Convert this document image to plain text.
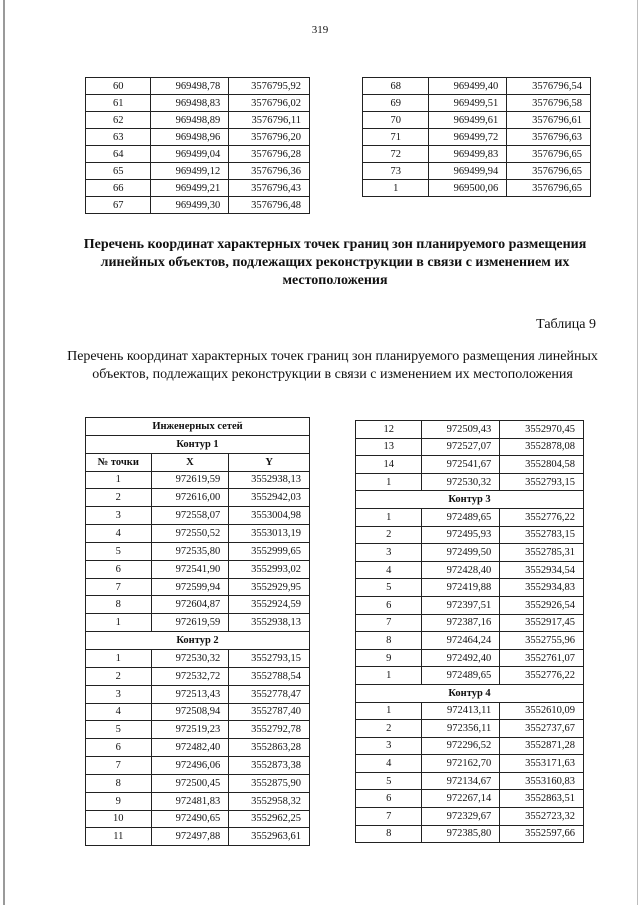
319
60	969498,78	3576795,92
61	969498,83	3576796,02
62	969498,89	3576796,11
63	969498,96	3576796,20
64	969499,04	3576796,28
65	969499,12	3576796,36
66	969499,21	3576796,43
67	969499,30	3576796,48
68	969499,40	3576796,54
69	969499,51	3576796,58
70	969499,61	3576796,61
71	969499,72	3576796,63
72	969499,83	3576796,65
73	969499,94	3576796,65
1	969500,06	3576796,65
Перечень координат характерных точек границ зон планируемого размещения линейных объектов, подлежащих реконструкции в связи с изменением их местоположения
Таблица 9
Перечень координат характерных точек границ зон планируемого размещения линейных объектов, подлежащих реконструкции в связи с изменением их местоположения
Инженерных сетей		
Контур 1		
№ точки	X	Y
1	972619,59	3552938,13
2	972616,00	3552942,03
3	972558,07	3553004,98
4	972550,52	3553013,19
5	972535,80	3552999,65
6	972541,90	3552993,02
7	972599,94	3552929,95
8	972604,87	3552924,59
1	972619,59	3552938,13
Контур 2		
1	972530,32	3552793,15
2	972532,72	3552788,54
3	972513,43	3552778,47
4	972508,94	3552787,40
5	972519,23	3552792,78
6	972482,40	3552863,28
7	972496,06	3552873,38
8	972500,45	3552875,90
9	972481,83	3552958,32
10	972490,65	3552962,25
11	972497,88	3552963,61
12	972509,43	3552970,45
13	972527,07	3552878,08
14	972541,67	3552804,58
1	972530,32	3552793,15
Контур 3		
1	972489,65	3552776,22
2	972495,93	3552783,15
3	972499,50	3552785,31
4	972428,40	3552934,54
5	972419,88	3552934,83
6	972397,51	3552926,54
7	972387,16	3552917,45
8	972464,24	3552755,96
9	972492,40	3552761,07
1	972489,65	3552776,22
Контур 4		
1	972413,11	3552610,09
2	972356,11	3552737,67
3	972296,52	3552871,28
4	972162,70	3553171,63
5	972134,67	3553160,83
6	972267,14	3552863,51
7	972329,67	3552723,32
8	972385,80	3552597,66
